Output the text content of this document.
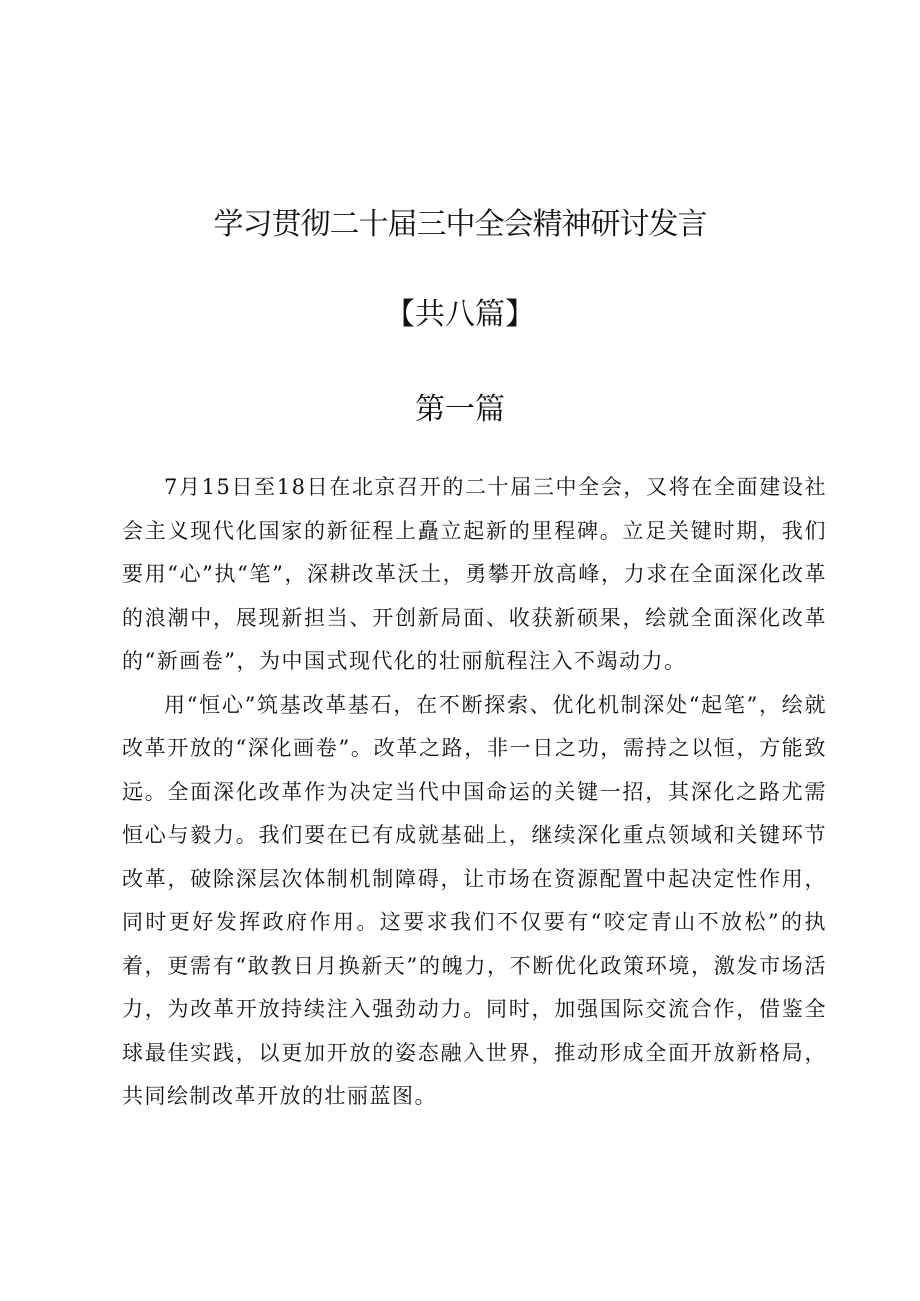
学习贯彻二十届三中全会精神研讨发言
【共八篇】
第一篇

7月15日至18日在北京召开的二十届三中全会，又将在全面建设社会主义现代化国家的新征程上矗立起新的里程碑。立足关键时期，我们要用“心”执“笔”，深耕改革沃土，勇攀开放高峰，力求在全面深化改革的浪潮中，展现新担当、开创新局面、收获新硕果，绘就全面深化改革的“新画卷”，为中国式现代化的壮丽航程注入不竭动力。

用“恒心”筑基改革基石，在不断探索、优化机制深处“起笔”，绘就改革开放的“深化画卷”。改革之路，非一日之功，需持之以恒，方能致远。全面深化改革作为决定当代中国命运的关键一招，其深化之路尤需恒心与毅力。我们要在已有成就基础上，继续深化重点领域和关键环节改革，破除深层次体制机制障碍，让市场在资源配置中起决定性作用，同时更好发挥政府作用。这要求我们不仅要有“咬定青山不放松”的执着，更需有“敢教日月换新天”的魄力，不断优化政策环境，激发市场活力，为改革开放持续注入强劲动力。同时，加强国际交流合作，借鉴全球最佳实践，以更加开放的姿态融入世界，推动形成全面开放新格局，共同绘制改革开放的壮丽蓝图。
